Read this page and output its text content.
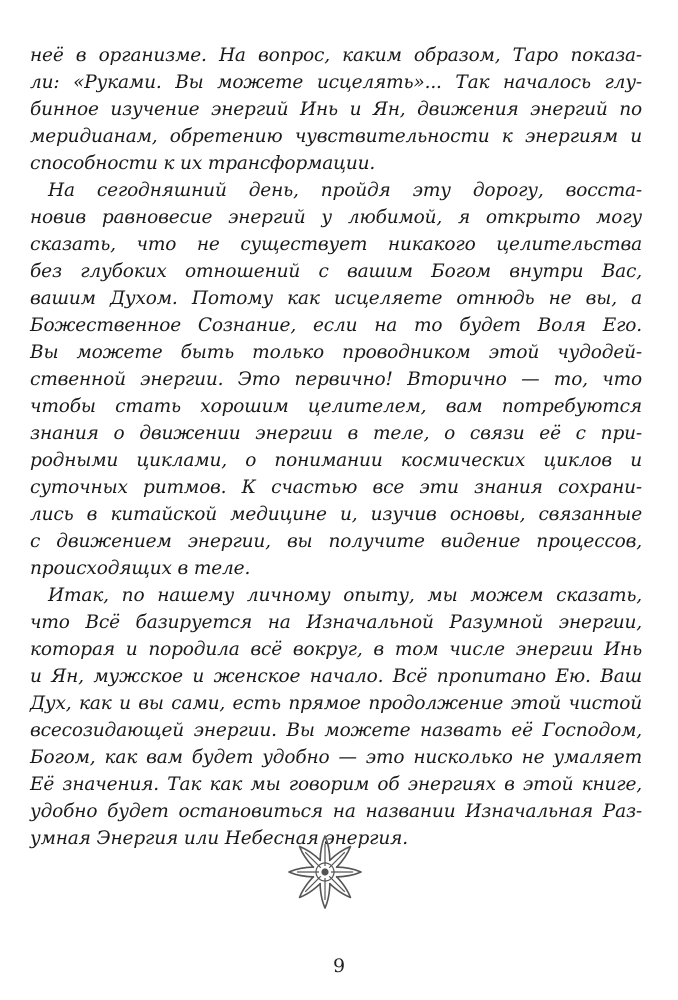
неё в организме. На вопрос, каким образом, Таро показа-
ли: «Руками. Вы можете исцелять»... Так началось глу-
бинное изучение энергий Инь и Ян, движения энергий по
меридианам, обретению чувствительности к энергиям и
способности к их трансформации.
На сегодняшний день, пройдя эту дорогу, восста-
новив равновесие энергий у любимой, я открыто могу
сказать, что не существует никакого целительства
без глубоких отношений с вашим Богом внутри Вас,
вашим Духом. Потому как исцеляете отнюдь не вы, а
Божественное Сознание, если на то будет Воля Его.
Вы можете быть только проводником этой чудодей-
ственной энергии. Это первично! Вторично — то, что
чтобы стать хорошим целителем, вам потребуются
знания о движении энергии в теле, о связи её с при-
родными циклами, о понимании космических циклов и
суточных ритмов. К счастью все эти знания сохрани-
лись в китайской медицине и, изучив основы, связанные
с движением энергии, вы получите видение процессов,
происходящих в теле.
Итак, по нашему личному опыту, мы можем сказать,
что Всё базируется на Изначальной Разумной энергии,
которая и породила всё вокруг, в том числе энергии Инь
и Ян, мужское и женское начало. Всё пропитано Ею. Ваш
Дух, как и вы сами, есть прямое продолжение этой чистой
всесозидающей энергии. Вы можете назвать её Господом,
Богом, как вам будет удобно — это нисколько не умаляет
Её значения. Так как мы говорим об энергиях в этой книге,
удобно будет остановиться на названии Изначальная Раз-
умная Энергия или Небесная энергия.
9
